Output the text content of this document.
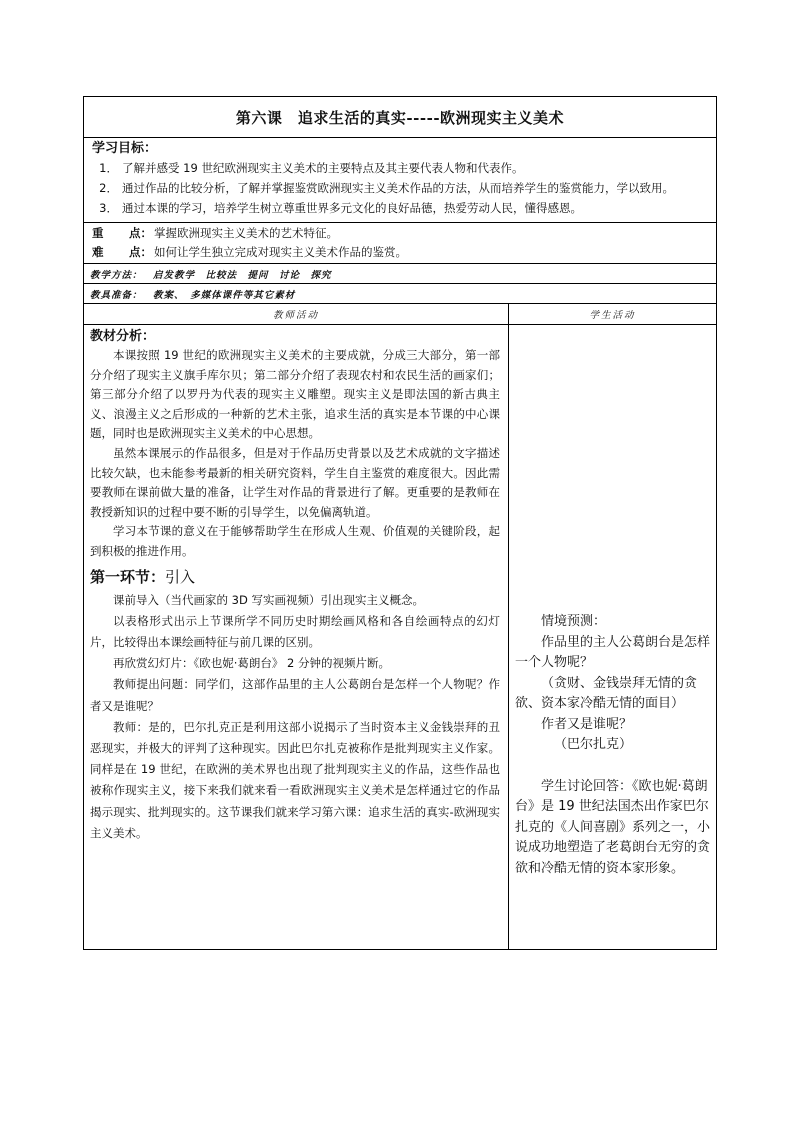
第六课　追求生活的真实-----欧洲现实主义美术
学习目标：
1． 了解并感受 19 世纪欧洲现实主义美术的主要特点及其主要代表人物和代表作。
2． 通过作品的比较分析，了解并掌握鉴赏欧洲现实主义美术作品的方法，从而培养学生的鉴赏能力，学以致用。
3． 通过本课的学习，培养学生树立尊重世界多元文化的良好品德，热爱劳动人民，懂得感恩。
重 点： 掌握欧洲现实主义美术的艺术特征。
难 点： 如何让学生独立完成对现实主义美术作品的鉴赏。
教学方法：　启发教学　比较法　提问　讨论　探究
教具准备：　教案、　多媒体课件等其它素材
教师活动	学生活动
教材分析：

本课按照 19 世纪的欧洲现实主义美术的主要成就，分成三大部分，第一部分介绍了现实主义旗手库尔贝；第二部分介绍了表现农村和农民生活的画家们；第三部分介绍了以罗丹为代表的现实主义雕塑。现实主义是即法国的新古典主义、浪漫主义之后形成的一种新的艺术主张，追求生活的真实是本节课的中心课题，同时也是欧洲现实主义美术的中心思想。

虽然本课展示的作品很多，但是对于作品历史背景以及艺术成就的文字描述比较欠缺，也未能参考最新的相关研究资料，学生自主鉴赏的难度很大。因此需要教师在课前做大量的准备，让学生对作品的背景进行了解。更重要的是教师在教授新知识的过程中要不断的引导学生，以免偏离轨道。

学习本节课的意义在于能够帮助学生在形成人生观、价值观的关键阶段，起到积极的推进作用。

第一环节：引入

课前导入（当代画家的 3D 写实画视频）引出现实主义概念。

以表格形式出示上节课所学不同历史时期绘画风格和各自绘画特点的幻灯片，比较得出本课绘画特征与前几课的区别。

再欣赏幻灯片：《欧也妮·葛朗台》 2 分钟的视频片断。

教师提出问题：同学们，这部作品里的主人公葛朗台是怎样一个人物呢？作者又是谁呢？

教师：是的，巴尔扎克正是利用这部小说揭示了当时资本主义金钱崇拜的丑恶现实，并极大的评判了这种现实。因此巴尔扎克被称作是批判现实主义作家。同样是在 19 世纪，在欧洲的美术界也出现了批判现实主义的作品，这些作品也被称作现实主义，接下来我们就来看一看欧洲现实主义美术是怎样通过它的作品揭示现实、批判现实的。这节课我们就来学习第六课：追求生活的真实-欧洲现实主义美术。

情境预测：

作品里的主人公葛朗台是怎样一个人物呢？

（贪财、金钱崇拜无情的贪欲、资本家冷酷无情的面目）

作者又是谁呢？

（巴尔扎克）

学生讨论回答：《欧也妮·葛朗台》是 19 世纪法国杰出作家巴尔扎克的《人间喜剧》系列之一，小说成功地塑造了老葛朗台无穷的贪欲和冷酷无情的资本家形象。
